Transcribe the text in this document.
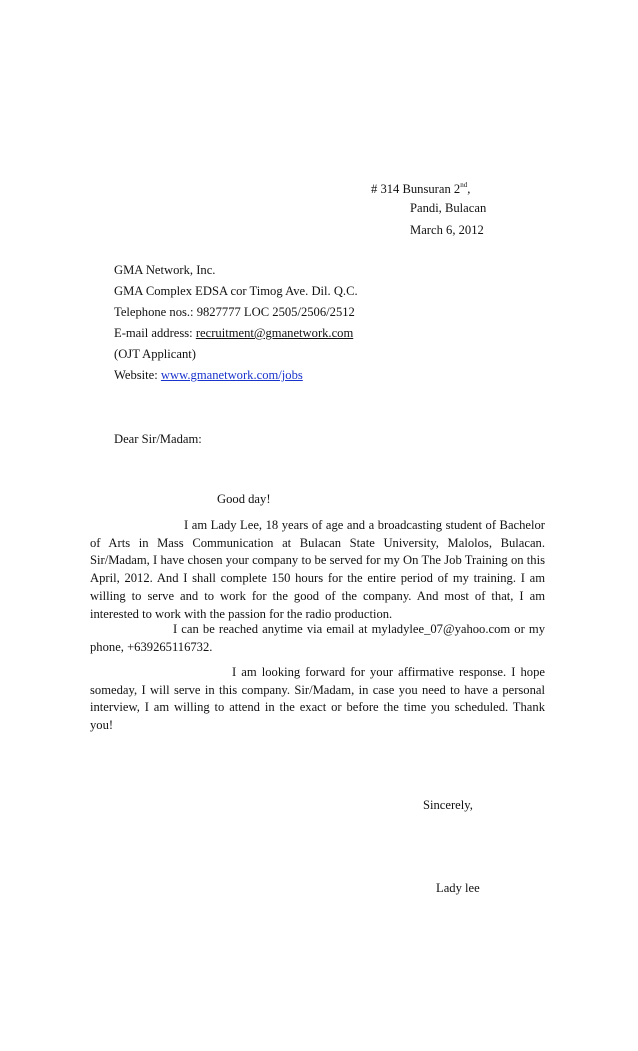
# 314 Bunsuran 2nd,
Pandi, Bulacan
March 6, 2012
GMA Network, Inc.
GMA Complex EDSA cor Timog Ave. Dil. Q.C.
Telephone nos.: 9827777 LOC 2505/2506/2512
E-mail address: recruitment@gmanetwork.com
(OJT Applicant)
Website: www.gmanetwork.com/jobs
Dear Sir/Madam:
Good day!
I am Lady Lee, 18 years of age and a broadcasting student of Bachelor of Arts in Mass Communication at Bulacan State University, Malolos, Bulacan. Sir/Madam, I have chosen your company to be served for my On The Job Training on this April, 2012. And I shall complete 150 hours for the entire period of my training. I am willing to serve and to work for the good of the company. And most of that, I am interested to work with the passion for the radio production.
I can be reached anytime via email at myladylee_07@yahoo.com or my phone, +639265116732.
I am looking forward for your affirmative response. I hope someday, I will serve in this company. Sir/Madam, in case you need to have a personal interview, I am willing to attend in the exact or before the time you scheduled. Thank you!
Sincerely,
Lady lee
